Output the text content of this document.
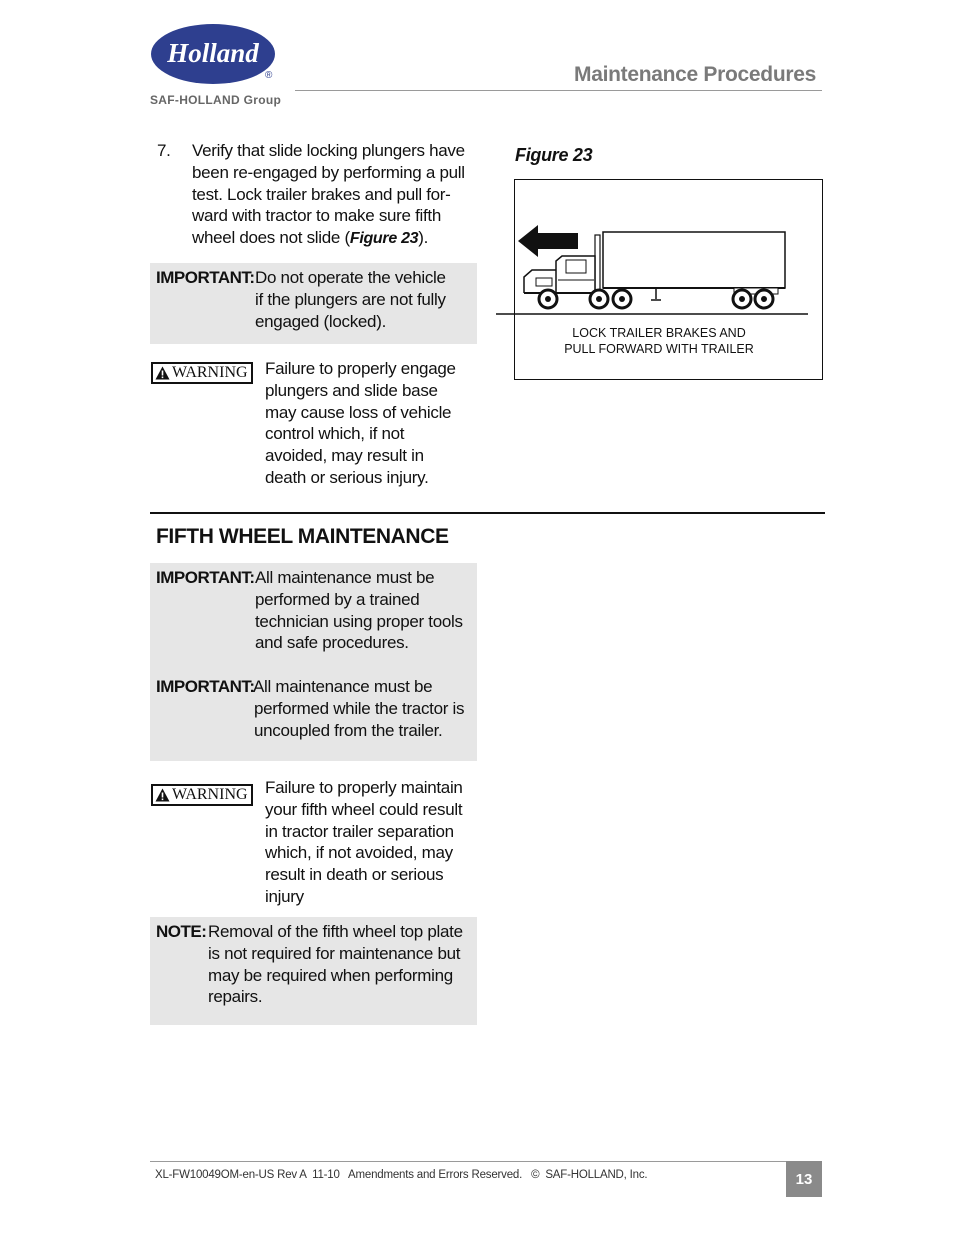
Holland
®
SAF-HOLLAND Group
Maintenance Procedures
7. Verify that slide locking plungers have
been re-engaged by performing a pull
test. Lock trailer brakes and pull for-
ward with tractor to make sure fifth
wheel does not slide (Figure 23).
IMPORTANT: Do not operate the vehicle
if the plungers are not fully
engaged (locked).
WARNING Failure to properly engage
plungers and slide base
may cause loss of vehicle
control which, if not
avoided, may result in
death or serious injury.
Figure 23
LOCK TRAILER BRAKES AND
PULL FORWARD WITH TRAILER
FIFTH WHEEL MAINTENANCE
IMPORTANT: All maintenance must be
performed by a trained
technician using proper tools
and safe procedures.
IMPORTANT:
All maintenance must be
performed while the tractor is
uncoupled from the trailer.
WARNING Failure to properly maintain
your fifth wheel could result
in tractor trailer separation
which, if not avoided, may
result in death or serious
injury
NOTE: Removal of the fifth wheel top plate
is not required for maintenance but
may be required when performing
repairs.
XL-FW10049OM-en-US Rev A  11-10   Amendments and Errors Reserved.   ©  SAF-HOLLAND, Inc.	13
